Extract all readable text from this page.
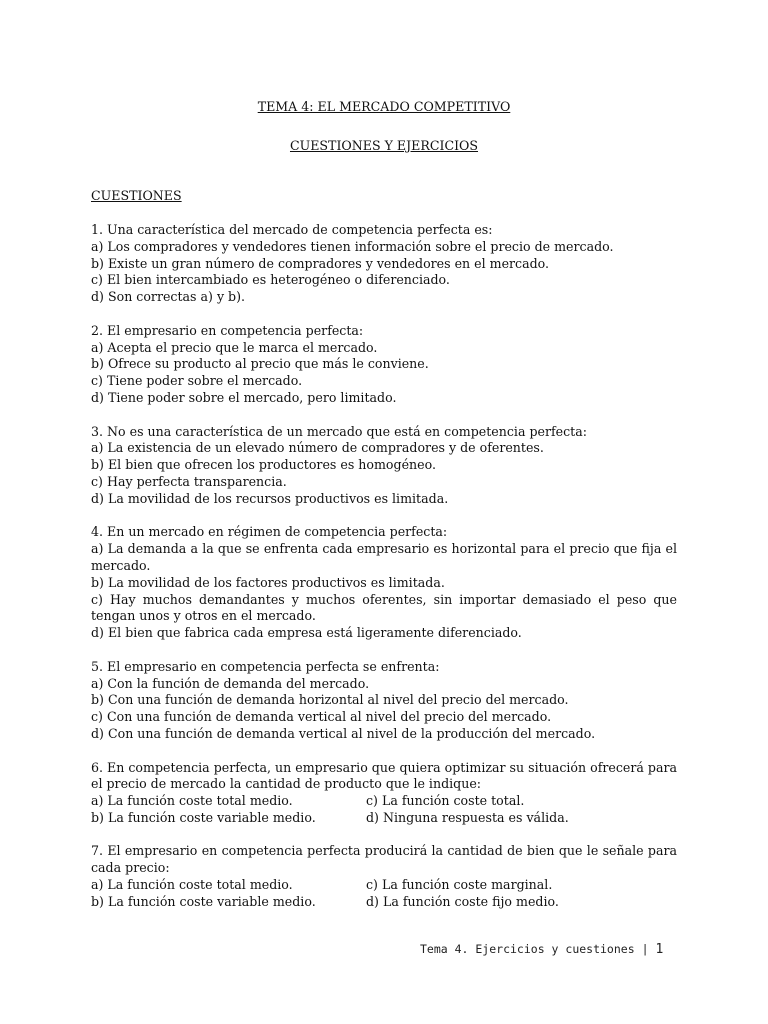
TEMA 4: EL MERCADO COMPETITIVO
CUESTIONES Y EJERCICIOS
CUESTIONES

1. Una característica del mercado de competencia perfecta es:

a) Los compradores y vendedores tienen información sobre el precio de mercado.

b) Existe un gran número de compradores y vendedores en el mercado.

c) El bien intercambiado es heterogéneo o diferenciado.

d) Son correctas a) y b).

2. El empresario en competencia perfecta:

a) Acepta el precio que le marca el mercado.

b) Ofrece su producto al precio que más le conviene.

c) Tiene poder sobre el mercado.

d) Tiene poder sobre el mercado, pero limitado.

3. No es una característica de un mercado que está en competencia perfecta:

a) La existencia de un elevado número de compradores y de oferentes.

b) El bien que ofrecen los productores es homogéneo.

c) Hay perfecta transparencia.

d) La movilidad de los recursos productivos es limitada.

4. En un mercado en régimen de competencia perfecta:

a) La demanda a la que se enfrenta cada empresario es horizontal para el precio que fija el mercado.

b) La movilidad de los factores productivos es limitada.

c) Hay muchos demandantes y muchos oferentes, sin importar demasiado el peso que tengan unos y otros en el mercado.

d) El bien que fabrica cada empresa está ligeramente diferenciado.

5. El empresario en competencia perfecta se enfrenta:

a) Con la función de demanda del mercado.

b) Con una función de demanda horizontal al nivel del precio del mercado.

c) Con una función de demanda vertical al nivel del precio del mercado.

d) Con una función de demanda vertical al nivel de la producción del mercado.

6. En competencia perfecta, un empresario que quiera optimizar su situación ofrecerá para el precio de mercado la cantidad de producto que le indique:

a) La función coste total medio.	c) La función coste total.
b) La función coste variable medio.	d) Ninguna respuesta es válida.

7. El empresario en competencia perfecta producirá la cantidad de bien que le señale para cada precio:

a) La función coste total medio.	c) La función coste marginal.
b) La función coste variable medio.	d) La función coste fijo medio.
Tema 4. Ejercicios y cuestiones | 1
